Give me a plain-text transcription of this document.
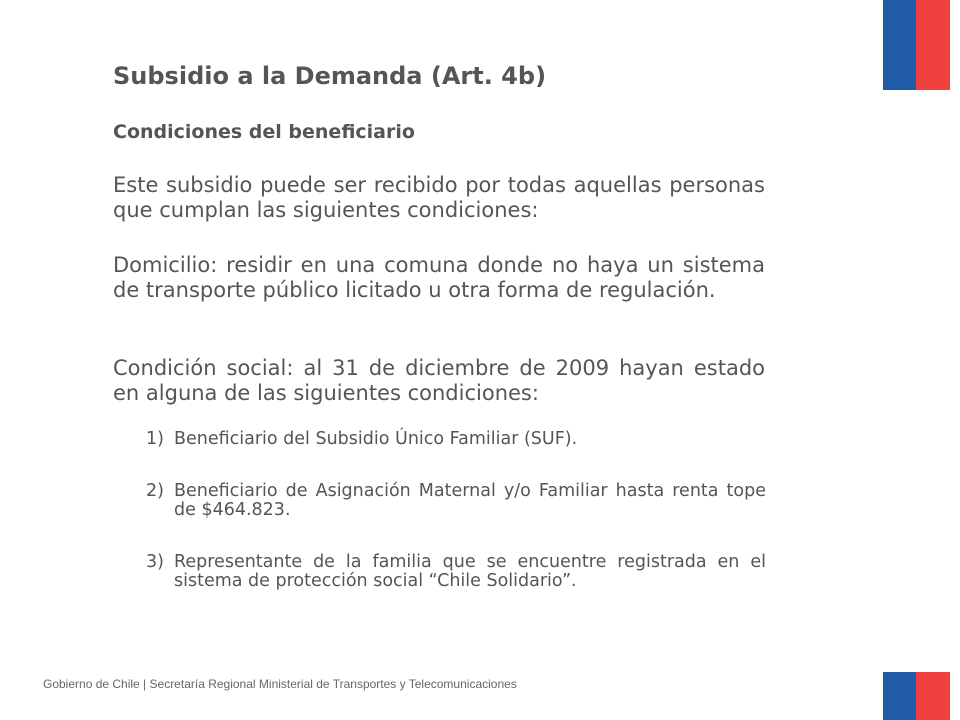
Subsidio a la Demanda (Art. 4b)
Condiciones del beneficiario

Este subsidio puede ser recibido por todas aquellas personas que cumplan las siguientes condiciones:

Domicilio: residir en una comuna donde no haya un sistema de transporte público licitado u otra forma de regulación.

Condición social: al 31 de diciembre de 2009 hayan estado en alguna de las siguientes condiciones:

1) Beneficiario del Subsidio Único Familiar (SUF).
2) Beneficiario de Asignación Maternal y/o Familiar hasta renta tope de $464.823.
3) Representante de la familia que se encuentre registrada en el sistema de protección social “Chile Solidario”.
Gobierno de Chile | Secretaría Regional Ministerial de Transportes y Telecomunicaciones
